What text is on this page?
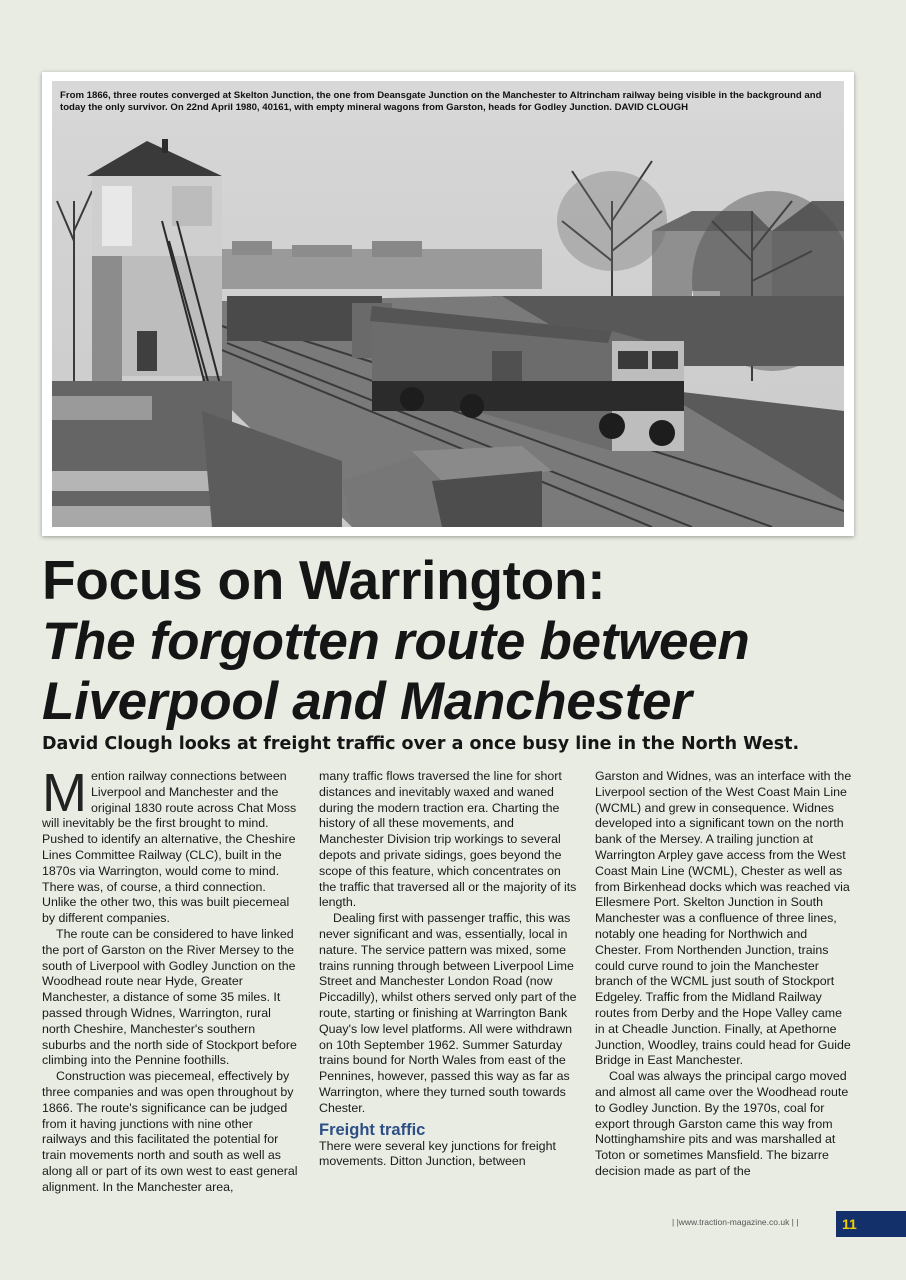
From 1866, three routes converged at Skelton Junction, the one from Deansgate Junction on the Manchester to Altrincham railway being visible in the background and today the only survivor. On 22nd April 1980, 40161, with empty mineral wagons from Garston, heads for Godley Junction. DAVID CLOUGH
Focus on Warrington:
The forgotten route between
Liverpool and Manchester

David Clough looks at freight traffic over a once busy line in the North West.

Mention railway connections between Liverpool and Manchester and the original 1830 route across Chat Moss will inevitably be the first brought to mind. Pushed to identify an alternative, the Cheshire Lines Committee Railway (CLC), built in the 1870s via Warrington, would come to mind. There was, of course, a third connection. Unlike the other two, this was built piecemeal by different companies.

The route can be considered to have linked the port of Garston on the River Mersey to the south of Liverpool with Godley Junction on the Woodhead route near Hyde, Greater Manchester, a distance of some 35 miles. It passed through Widnes, Warrington, rural north Cheshire, Manchester's southern suburbs and the north side of Stockport before climbing into the Pennine foothills.

Construction was piecemeal, effectively by three companies and was open throughout by 1866. The route's significance can be judged from it having junctions with nine other railways and this facilitated the potential for train movements north and south as well as along all or part of its own west to east general alignment. In the Manchester area,

many traffic flows traversed the line for short distances and inevitably waxed and waned during the modern traction era. Charting the history of all these movements, and Manchester Division trip workings to several depots and private sidings, goes beyond the scope of this feature, which concentrates on the traffic that traversed all or the majority of its length.

Dealing first with passenger traffic, this was never significant and was, essentially, local in nature. The service pattern was mixed, some trains running through between Liverpool Lime Street and Manchester London Road (now Piccadilly), whilst others served only part of the route, starting or finishing at Warrington Bank Quay's low level platforms. All were withdrawn on 10th September 1962. Summer Saturday trains bound for North Wales from east of the Pennines, however, passed this way as far as Warrington, where they turned south towards Chester.

Freight traffic

There were several key junctions for freight movements. Ditton Junction, between

Garston and Widnes, was an interface with the Liverpool section of the West Coast Main Line (WCML) and grew in consequence. Widnes developed into a significant town on the north bank of the Mersey. A trailing junction at Warrington Arpley gave access from the West Coast Main Line (WCML), Chester as well as from Birkenhead docks which was reached via Ellesmere Port. Skelton Junction in South Manchester was a confluence of three lines, notably one heading for Northwich and Chester. From Northenden Junction, trains could curve round to join the Manchester branch of the WCML just south of Stockport Edgeley. Traffic from the Midland Railway routes from Derby and the Hope Valley came in at Cheadle Junction. Finally, at Apethorne Junction, Woodley, trains could head for Guide Bridge in East Manchester.

Coal was always the principal cargo moved and almost all came over the Woodhead route to Godley Junction. By the 1970s, coal for export through Garston came this way from Nottinghamshire pits and was marshalled at Toton or sometimes Mansfield. The bizarre decision made as part of the

| |www.traction-magazine.co.uk | |	11
